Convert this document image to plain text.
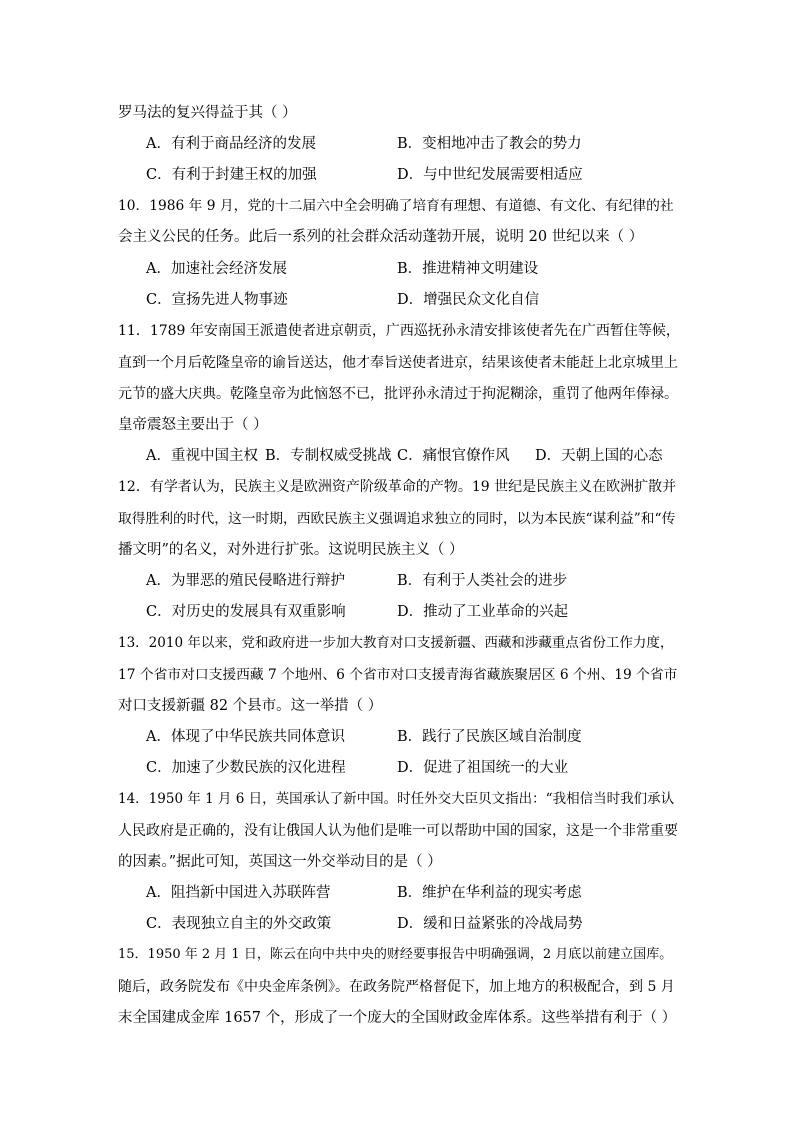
罗马法的复兴得益于其（ ）
A．有利于商品经济的发展	B．变相地冲击了教会的势力
C．有利于封建王权的加强	D．与中世纪发展需要相适应
10．1986 年 9 月，党的十二届六中全会明确了培育有理想、有道德、有文化、有纪律的社
会主义公民的任务。此后一系列的社会群众活动蓬勃开展，说明 20 世纪以来（ ）
A．加速社会经济发展	B．推进精神文明建设
C．宣扬先进人物事迹	D．增强民众文化自信
11．1789 年安南国王派遣使者进京朝贡，广西巡抚孙永清安排该使者先在广西暂住等候，
直到一个月后乾隆皇帝的谕旨送达，他才奉旨送使者进京，结果该使者未能赶上北京城里上
元节的盛大庆典。乾隆皇帝为此恼怒不已，批评孙永清过于拘泥糊涂，重罚了他两年俸禄。
皇帝震怒主要出于（ ）
A．重视中国主权 B．专制权威受挑战 C．痛恨官僚作风 D．天朝上国的心态
12．有学者认为，民族主义是欧洲资产阶级革命的产物。19 世纪是民族主义在欧洲扩散并
取得胜利的时代，这一时期，西欧民族主义强调追求独立的同时，以为本民族“谋利益”和“传
播文明”的名义，对外进行扩张。这说明民族主义（ ）
A．为罪恶的殖民侵略进行辩护	B．有利于人类社会的进步
C．对历史的发展具有双重影响	D．推动了工业革命的兴起
13．2010 年以来，党和政府进一步加大教育对口支援新疆、西藏和涉藏重点省份工作力度，
17 个省市对口支援西藏 7 个地州、6 个省市对口支援青海省藏族聚居区 6 个州、19 个省市
对口支援新疆 82 个县市。这一举措（ ）
A．体现了中华民族共同体意识	B．践行了民族区域自治制度
C．加速了少数民族的汉化进程	D．促进了祖国统一的大业
14．1950 年 1 月 6 日，英国承认了新中国。时任外交大臣贝文指出：“我相信当时我们承认
人民政府是正确的，没有让俄国人认为他们是唯一可以帮助中国的国家，这是一个非常重要
的因素。”据此可知，英国这一外交举动目的是（ ）
A．阻挡新中国进入苏联阵营	B．维护在华利益的现实考虑
C．表现独立自主的外交政策	D．缓和日益紧张的冷战局势
15．1950 年 2 月 1 日，陈云在向中共中央的财经要事报告中明确强调，2 月底以前建立国库。
随后，政务院发布《中央金库条例》。在政务院严格督促下，加上地方的积极配合，到 5 月
末全国建成金库 1657 个，形成了一个庞大的全国财政金库体系。这些举措有利于（ ）
